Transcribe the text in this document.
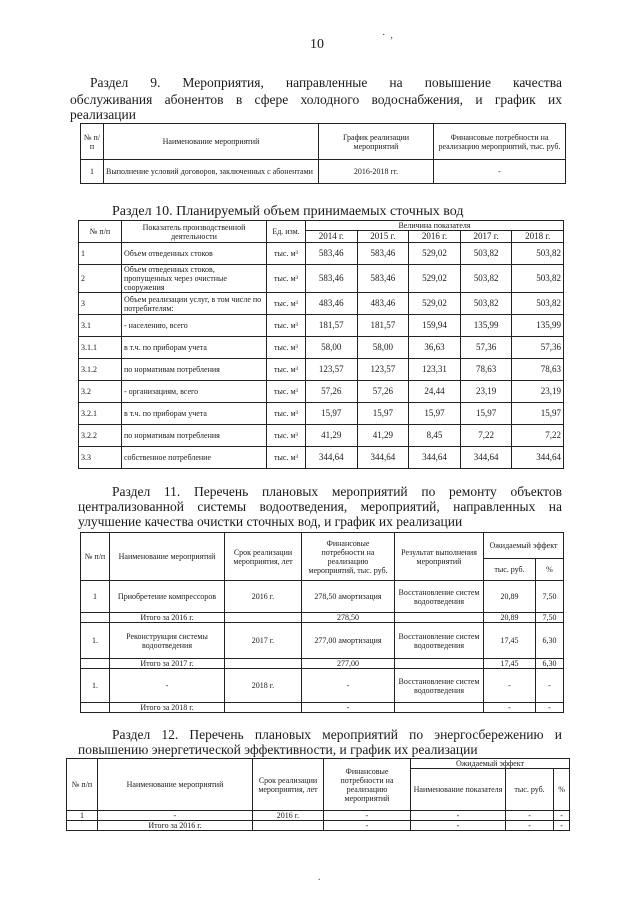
10
·  ,
Раздел 9. Мероприятия, направленные на повышение качества
обслуживания абонентов в сфере холодного водоснабжения, и график их
реализации
№ п/п	Наименование мероприятий	График реализации мероприятий	Финансовые потребности на реализацию мероприятий, тыс. руб.
1	Выполнение условий договоров, заключенных с абонентами	2016-2018 гг.	-
Раздел 10. Планируемый объем принимаемых сточных вод
№ п/п	Показатель производственной деятельности	Ед. изм.	Величина показателя				
			2014 г.	2015 г.	2016 г.	2017 г.	2018 г.
1	Объем отведенных стоков	тыс. м³	583,46	583,46	529,02	503,82	503,82
2	Объем отведенных стоков, пропущенных через очистные сооружения	тыс. м³	583,46	583,46	529,02	503,82	503,82
3	Объем реализации услуг, в том числе по потребителям:	тыс. м³	483,46	483,46	529,02	503,82	503,82
3.1	- населению, всего	тыс. м³	181,57	181,57	159,94	135,99	135,99
3.1.1	в т.ч. по приборам учета	тыс. м³	58,00	58,00	36,63	57,36	57,36
3.1.2	по нормативам потребления	тыс. м³	123,57	123,57	123,31	78,63	78,63
3.2	- организациям, всего	тыс. м³	57,26	57,26	24,44	23,19	23,19
3.2.1	в т.ч. по приборам учета	тыс. м³	15,97	15,97	15,97	15,97	15,97
3.2.2	по нормативам потребления	тыс. м³	41,29	41,29	8,45	7,22	7,22
3.3	собственное потребление	тыс. м³	344,64	344,64	344,64	344,64	344,64
Раздел 11. Перечень плановых мероприятий по ремонту объектов
централизованной системы водоотведения, мероприятий, направленных на
улучшение качества очистки сточных вод, и график их реализации
№ п/п	Наименование мероприятий	Срок реализации мероприятия, лет	Финансовые потребности на реализацию мероприятий, тыс. руб.	Результат выполнения мероприятий	Ожидаемый эффект	
					тыс. руб.	%
1	Приобретение компрессоров	2016 г.	278,50 амортизация	Восстановление систем водоотведения	20,89	7,50
	Итого за 2016 г.		278,50		20,89	7,50
1.	Реконструкция системы водоотведения	2017 г.	277,00 амортизация	Восстановление систем водоотведения	17,45	6,30
	Итого за 2017 г.		277,00		17,45	6,30
1.	-	2018 г.	-	Восстановление систем водоотведения	-	-
	Итого за 2018 г.		-		-	-
Раздел 12. Перечень плановых мероприятий по энергосбережению и
повышению энергетической эффективности, и график их реализации
№ п/п	Наименование мероприятий	Срок реализации мероприятия, лет	Финансовые потребности на реализацию мероприятий	Ожидаемый эффект		
				Наименование показателя	тыс. руб.	%
1	-	2016 г.	-	-	-	-
	Итого за 2016 г.		-	-	-	-
.
